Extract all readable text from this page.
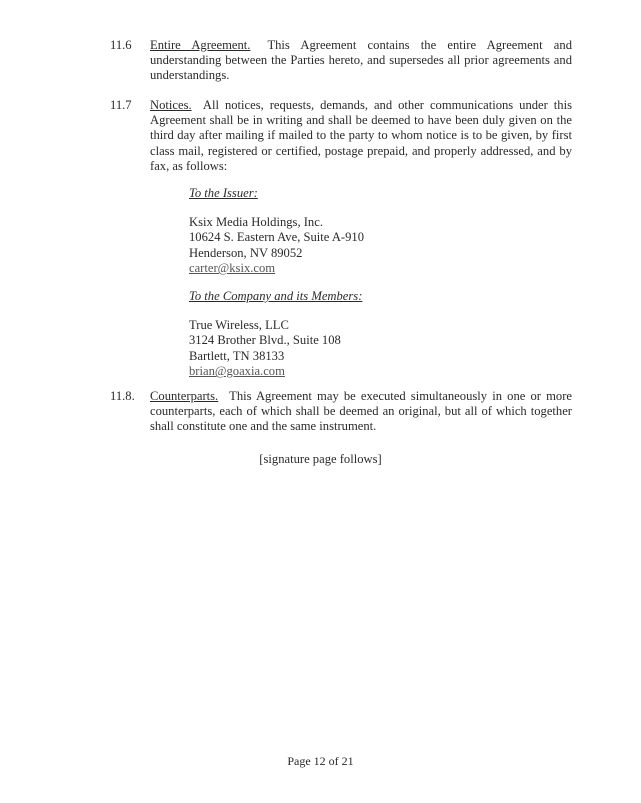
11.6 Entire Agreement. This Agreement contains the entire Agreement and understanding between the Parties hereto, and supersedes all prior agreements and understandings.
11.7 Notices. All notices, requests, demands, and other communications under this Agreement shall be in writing and shall be deemed to have been duly given on the third day after mailing if mailed to the party to whom notice is to be given, by first class mail, registered or certified, postage prepaid, and properly addressed, and by fax, as follows:
To the Issuer:
Ksix Media Holdings, Inc.
10624 S. Eastern Ave, Suite A-910
Henderson, NV 89052
carter@ksix.com
To the Company and its Members:
True Wireless, LLC
3124 Brother Blvd., Suite 108
Bartlett, TN 38133
brian@goaxia.com
11.8. Counterparts. This Agreement may be executed simultaneously in one or more counterparts, each of which shall be deemed an original, but all of which together shall constitute one and the same instrument.
[signature page follows]
Page 12 of 21
